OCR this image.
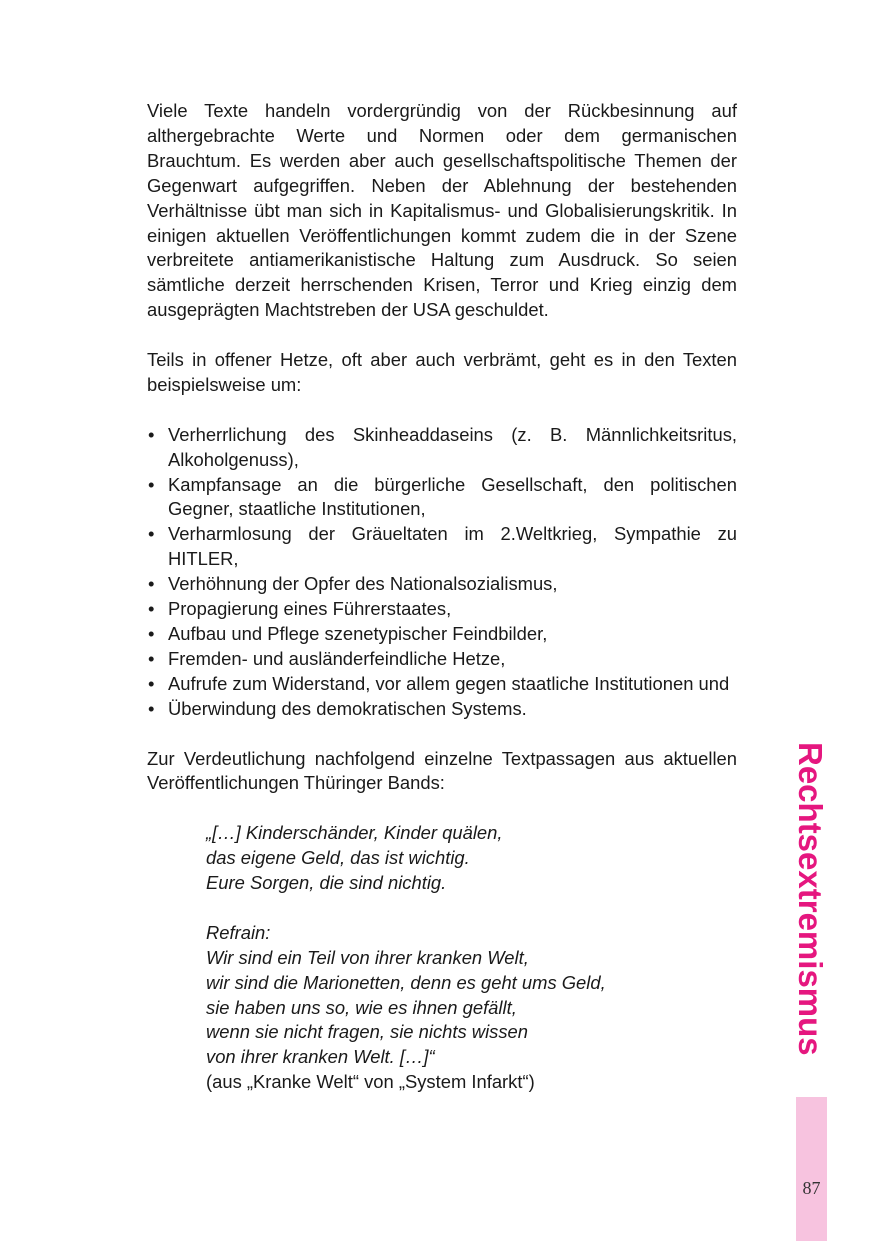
Viele Texte handeln vordergründig von der Rückbesinnung auf althergebrachte Werte und Normen oder dem germanischen Brauchtum. Es werden aber auch gesellschaftspolitische Themen der Gegenwart aufgegriffen. Neben der Ablehnung der bestehenden Verhältnisse übt man sich in Kapitalismus- und Globalisierungskritik. In einigen aktuellen Veröffentlichungen kommt zudem die in der Szene verbreitete antiamerikanistische Haltung zum Ausdruck. So seien sämtliche derzeit herrschenden Krisen, Terror und Krieg einzig dem ausgeprägten Machtstreben der USA geschuldet.

Teils in offener Hetze, oft aber auch verbrämt, geht es in den Texten beispielsweise um:

• Verherrlichung des Skinheaddaseins (z. B. Männlichkeitsritus, Alkoholgenuss),
• Kampfansage an die bürgerliche Gesellschaft, den politischen Gegner, staatliche Institutionen,
• Verharmlosung der Gräueltaten im 2.Weltkrieg, Sympathie zu HITLER,
• Verhöhnung der Opfer des Nationalsozialismus,
• Propagierung eines Führerstaates,
• Aufbau und Pflege szenetypischer Feindbilder,
• Fremden- und ausländerfeindliche Hetze,
• Aufrufe zum Widerstand, vor allem gegen staatliche Institutionen und
• Überwindung des demokratischen Systems.

Zur Verdeutlichung nachfolgend einzelne Textpassagen aus aktuellen Veröffentlichungen Thüringer Bands:

„[…] Kinderschänder, Kinder quälen,
das eigene Geld, das ist wichtig.
Eure Sorgen, die sind nichtig.

Refrain:
Wir sind ein Teil von ihrer kranken Welt,
wir sind die Marionetten, denn es geht ums Geld,
sie haben uns so, wie es ihnen gefällt,
wenn sie nicht fragen, sie nichts wissen
von ihrer kranken Welt. […]“
(aus „Kranke Welt“ von „System Infarkt“)
Rechtsextremismus
87
